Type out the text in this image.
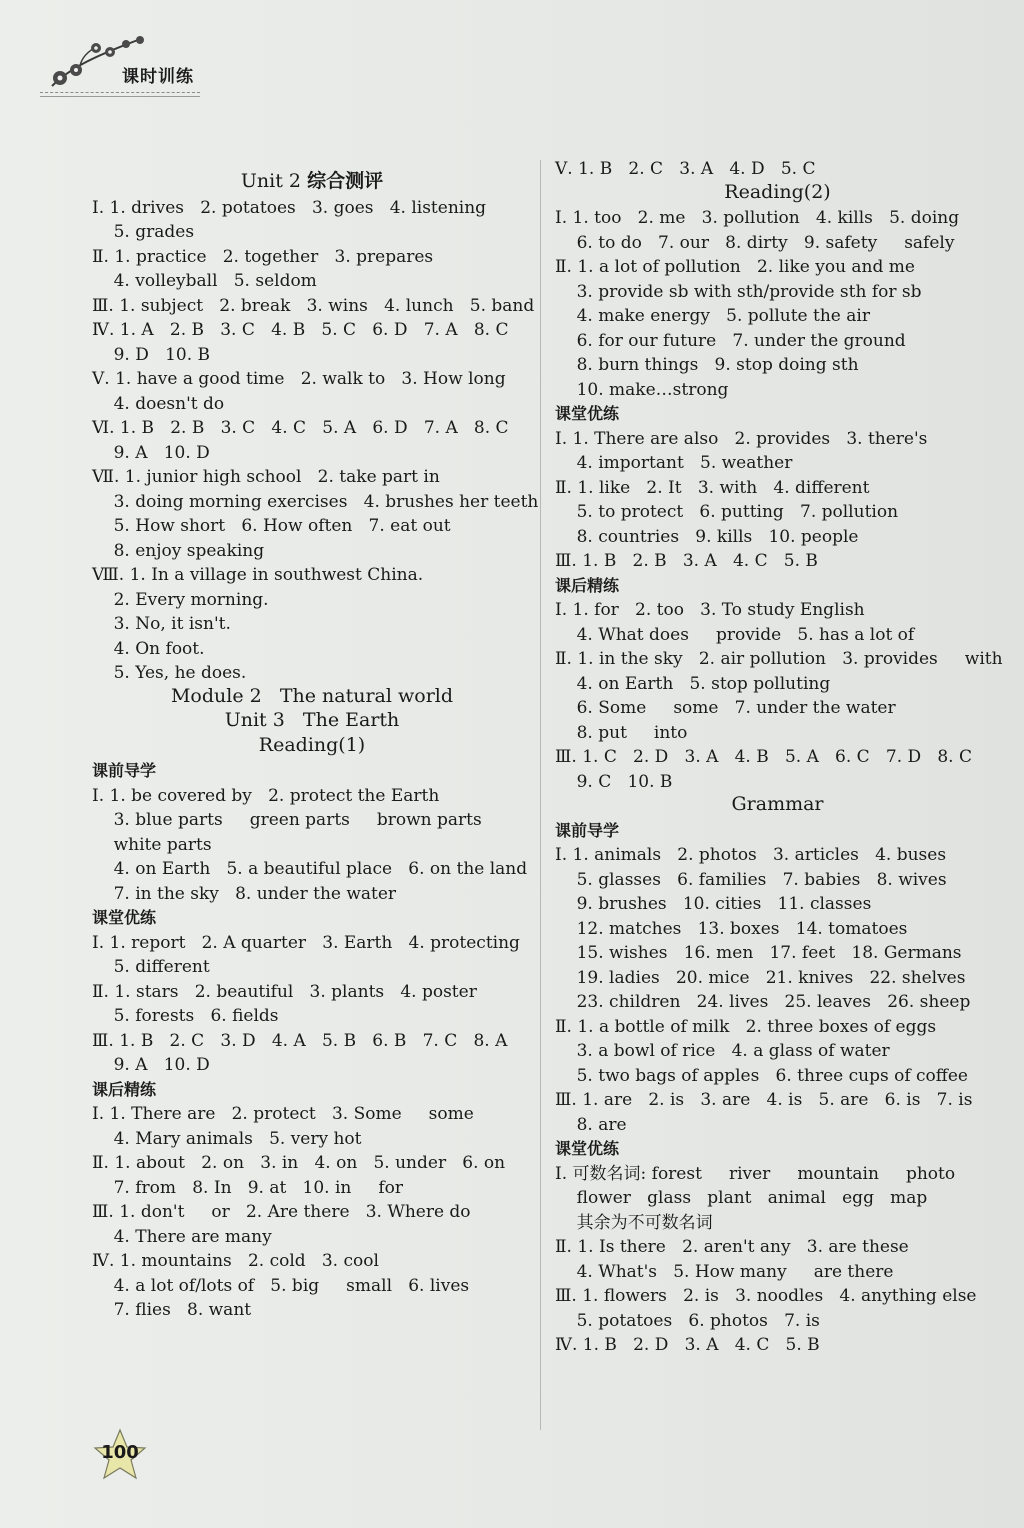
课时训练
Unit 2 综合测评
Ⅰ. 1. drives   2. potatoes   3. goes   4. listening
5. grades
Ⅱ. 1. practice   2. together   3. prepares
4. volleyball   5. seldom
Ⅲ. 1. subject   2. break   3. wins   4. lunch   5. band
Ⅳ. 1. A   2. B   3. C   4. B   5. C   6. D   7. A   8. C
9. D   10. B
Ⅴ. 1. have a good time   2. walk to   3. How long
4. doesn't do
Ⅵ. 1. B   2. B   3. C   4. C   5. A   6. D   7. A   8. C
9. A   10. D
Ⅶ. 1. junior high school   2. take part in
3. doing morning exercises   4. brushes her teeth
5. How short   6. How often   7. eat out
8. enjoy speaking
Ⅷ. 1. In a village in southwest China.
2. Every morning.
3. No, it isn't.
4. On foot.
5. Yes, he does.
Module 2   The natural world
Unit 3   The Earth
Reading(1)
课前导学
Ⅰ. 1. be covered by   2. protect the Earth
3. blue parts     green parts     brown parts
white parts
4. on Earth   5. a beautiful place   6. on the land
7. in the sky   8. under the water
课堂优练
Ⅰ. 1. report   2. A quarter   3. Earth   4. protecting
5. different
Ⅱ. 1. stars   2. beautiful   3. plants   4. poster
5. forests   6. fields
Ⅲ. 1. B   2. C   3. D   4. A   5. B   6. B   7. C   8. A
9. A   10. D
课后精练
Ⅰ. 1. There are   2. protect   3. Some     some
4. Mary animals   5. very hot
Ⅱ. 1. about   2. on   3. in   4. on   5. under   6. on
7. from   8. In   9. at   10. in     for
Ⅲ. 1. don't     or   2. Are there   3. Where do
4. There are many
Ⅳ. 1. mountains   2. cold   3. cool
4. a lot of/lots of   5. big     small   6. lives
7. flies   8. want
Ⅴ. 1. B   2. C   3. A   4. D   5. C
Reading(2)
Ⅰ. 1. too   2. me   3. pollution   4. kills   5. doing
6. to do   7. our   8. dirty   9. safety     safely
Ⅱ. 1. a lot of pollution   2. like you and me
3. provide sb with sth/provide sth for sb
4. make energy   5. pollute the air
6. for our future   7. under the ground
8. burn things   9. stop doing sth
10. make…strong
课堂优练
Ⅰ. 1. There are also   2. provides   3. there's
4. important   5. weather
Ⅱ. 1. like   2. It   3. with   4. different
5. to protect   6. putting   7. pollution
8. countries   9. kills   10. people
Ⅲ. 1. B   2. B   3. A   4. C   5. B
课后精练
Ⅰ. 1. for   2. too   3. To study English
4. What does     provide   5. has a lot of
Ⅱ. 1. in the sky   2. air pollution   3. provides     with
4. on Earth   5. stop polluting
6. Some     some   7. under the water
8. put     into
Ⅲ. 1. C   2. D   3. A   4. B   5. A   6. C   7. D   8. C
9. C   10. B
Grammar
课前导学
Ⅰ. 1. animals   2. photos   3. articles   4. buses
5. glasses   6. families   7. babies   8. wives
9. brushes   10. cities   11. classes
12. matches   13. boxes   14. tomatoes
15. wishes   16. men   17. feet   18. Germans
19. ladies   20. mice   21. knives   22. shelves
23. children   24. lives   25. leaves   26. sheep
Ⅱ. 1. a bottle of milk   2. three boxes of eggs
3. a bowl of rice   4. a glass of water
5. two bags of apples   6. three cups of coffee
Ⅲ. 1. are   2. is   3. are   4. is   5. are   6. is   7. is
8. are
课堂优练
Ⅰ. 可数名词: forest     river     mountain     photo
flower   glass   plant   animal   egg   map
其余为不可数名词
Ⅱ. 1. Is there   2. aren't any   3. are these
4. What's   5. How many     are there
Ⅲ. 1. flowers   2. is   3. noodles   4. anything else
5. potatoes   6. photos   7. is
Ⅳ. 1. B   2. D   3. A   4. C   5. B
100
